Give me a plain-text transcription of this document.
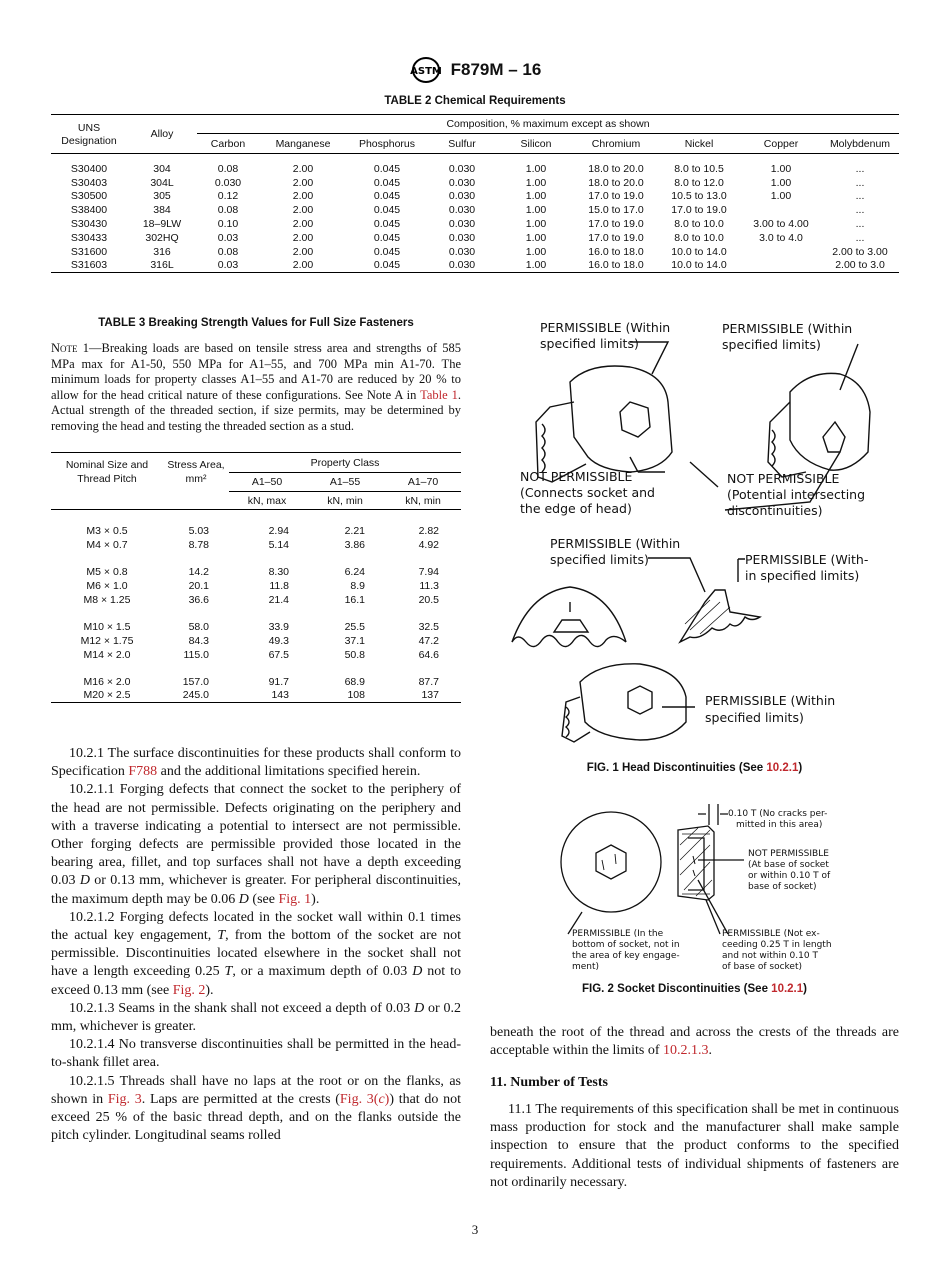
ASTM F879M – 16
TABLE 2 Chemical Requirements
UNS Designation	Alloy	Composition, % maximum except as shown								
		Carbon	Manganese	Phosphorus	Sulfur	Silicon	Chromium	Nickel	Copper	Molybdenum

S30400	304	0.08	2.00	0.045	0.030	1.00	18.0 to 20.0	8.0 to 10.5	1.00	...
S30403	304L	0.030	2.00	0.045	0.030	1.00	18.0 to 20.0	8.0 to 12.0	1.00	...
S30500	305	0.12	2.00	0.045	0.030	1.00	17.0 to 19.0	10.5 to 13.0	1.00	...
S38400	384	0.08	2.00	0.045	0.030	1.00	15.0 to 17.0	17.0 to 19.0		...
S30430	18–9LW	0.10	2.00	0.045	0.030	1.00	17.0 to 19.0	8.0 to 10.0	3.00 to 4.00	...
S30433	302HQ	0.03	2.00	0.045	0.030	1.00	17.0 to 19.0	8.0 to 10.0	3.0 to 4.0	...
S31600	316	0.08	2.00	0.045	0.030	1.00	16.0 to 18.0	10.0 to 14.0		2.00 to 3.00
S31603	316L	0.03	2.00	0.045	0.030	1.00	16.0 to 18.0	10.0 to 14.0		2.00 to 3.0
TABLE 3 Breaking Strength Values for Full Size Fasteners
Note 1—Breaking loads are based on tensile stress area and strengths of 585 MPa max for A1-50, 550 MPa for A1–55, and 700 MPa min A1-70. The minimum loads for property classes A1–55 and A1-70 are reduced by 20 % to allow for the head critical nature of these configurations. See Note A in Table 1. Actual strength of the threaded section, if size permits, may be determined by removing the head and testing the threaded section as a stud.
Nominal Size and Thread Pitch	Stress Area, mm²	Property Class		
		A1–50	A1–55	A1–70
		kN, max	kN, min	kN, min

M3 × 0.5	5.03	2.94	2.21	2.82
M4 × 0.7	8.78	5.14	3.86	4.92

M5 × 0.8	14.2	8.30	6.24	7.94
M6 × 1.0	20.1	11.8	8.9	11.3
M8 × 1.25	36.6	21.4	16.1	20.5

M10 × 1.5	58.0	33.9	25.5	32.5
M12 × 1.75	84.3	49.3	37.1	47.2
M14 × 2.0	115.0	67.5	50.8	64.6

M16 × 2.0	157.0	91.7	68.9	87.7
M20 × 2.5	245.0	143	108	137
PERMISSIBLE (Within
specified limits)
PERMISSIBLE (Within
specified limits)
NOT PERMISSIBLE
(Connects socket and
the edge of head)
NOT PERMISSIBLE
(Potential intersecting
discontinuities)
PERMISSIBLE (Within
specified limits)	PERMISSIBLE (With-
in specified limits)
PERMISSIBLE (Within
specified limits)
FIG. 1 Head Discontinuities (See 10.2.1)
0.10 T (No cracks per-
mitted in this area)
NOT PERMISSIBLE
(At base of socket
or within 0.10 T of
base of socket)
PERMISSIBLE (In the
bottom of socket, not in
the area of key engage-
ment)
PERMISSIBLE (Not ex-
ceeding 0.25 T in length
and not within 0.10 T
of base of socket)
FIG. 2 Socket Discontinuities (See 10.2.1)

10.2.1 The surface discontinuities for these products shall conform to Specification F788 and the additional limitations specified herein.

10.2.1.1 Forging defects that connect the socket to the periphery of the head are not permissible. Defects originating on the periphery and with a traverse indicating a potential to intersect are not permissible. Other forging defects are permissible provided those located in the bearing area, fillet, and top surfaces shall not have a depth exceeding 0.03 D or 0.13 mm, whichever is greater. For peripheral discontinuities, the maximum depth may be 0.06 D (see Fig. 1).

10.2.1.2 Forging defects located in the socket wall within 0.1 times the actual key engagement, T, from the bottom of the socket are not permissible. Discontinuities located elsewhere in the socket shall not have a length exceeding 0.25 T, or a maximum depth of 0.03 D not to exceed 0.13 mm (see Fig. 2).

10.2.1.3 Seams in the shank shall not exceed a depth of 0.03 D or 0.2 mm, whichever is greater.

10.2.1.4 No transverse discontinuities shall be permitted in the head-to-shank fillet area.

10.2.1.5 Threads shall have no laps at the root or on the flanks, as shown in Fig. 3. Laps are permitted at the crests (Fig. 3(c)) that do not exceed 25 % of the basic thread depth, and on the flanks outside the pitch cylinder. Longitudinal seams rolled

beneath the root of the thread and across the crests of the threads are acceptable within the limits of 10.2.1.3.

11. Number of Tests

11.1 The requirements of this specification shall be met in continuous mass production for stock and the manufacturer shall make sample inspection to ensure that the product conforms to the specified requirements. Additional tests of individual shipments of fasteners are not ordinarily necessary.

3
